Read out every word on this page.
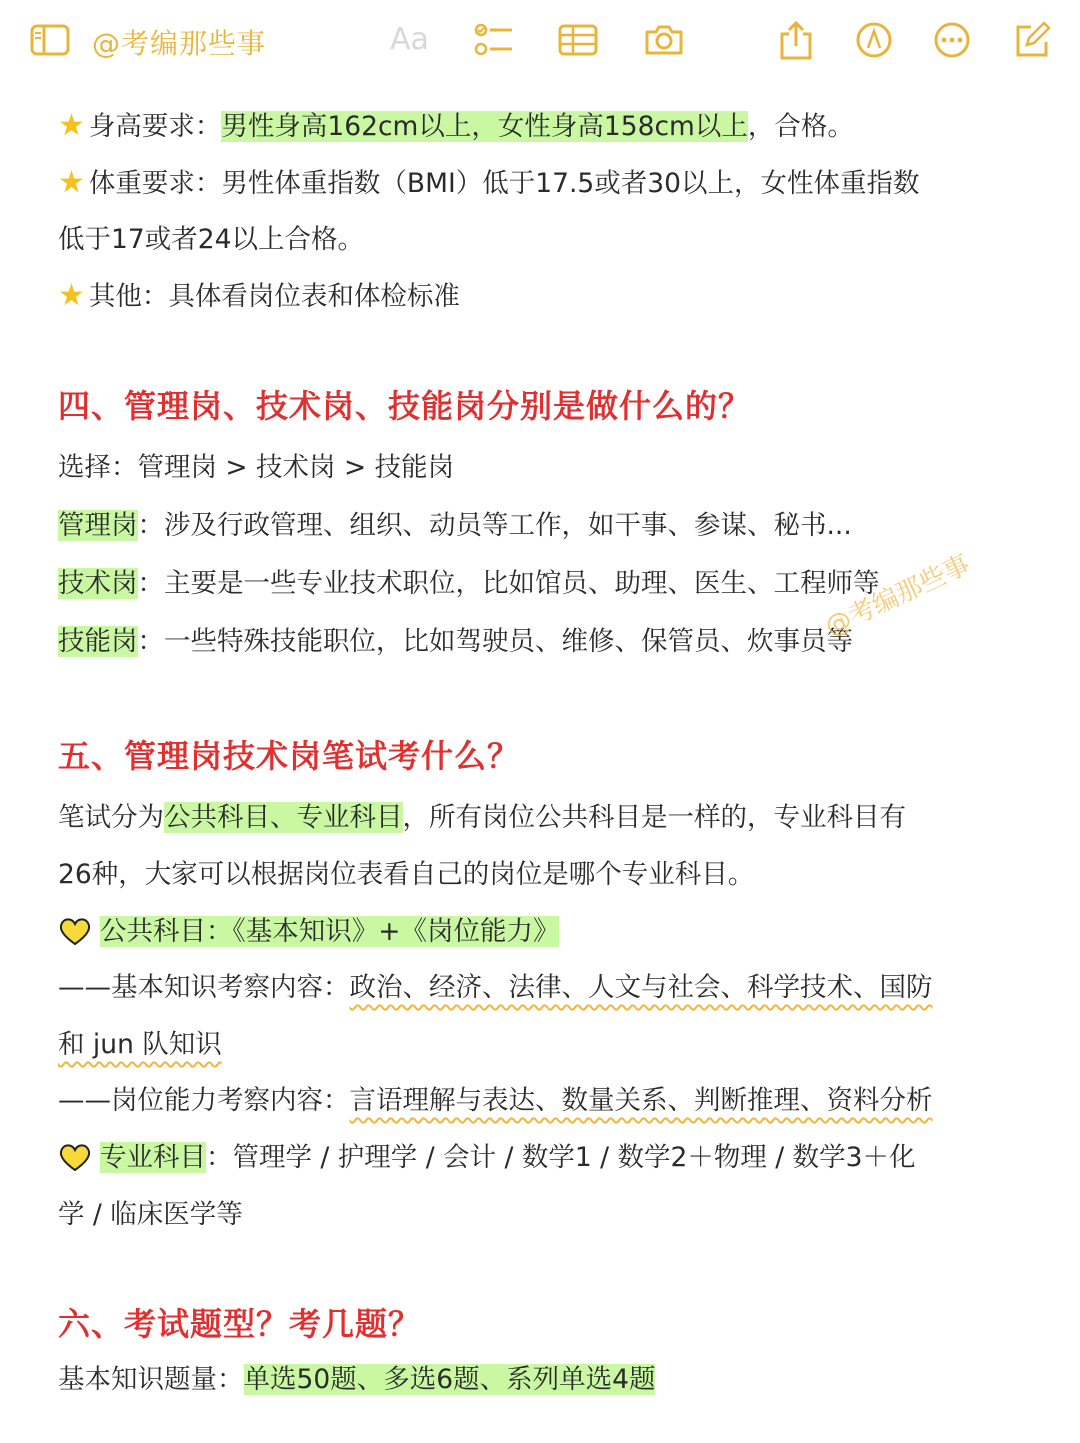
@考编那些事	Aa
★ 身高要求：男性身高162cm以上，女性身高158cm以上，合格。
★ 体重要求：男性体重指数（BMI）低于17.5或者30以上，女性体重指数
低于17或者24以上合格。
★ 其他：具体看岗位表和体检标准
四、管理岗、技术岗、技能岗分别是做什么的？
选择：管理岗 > 技术岗 > 技能岗
管理岗：涉及行政管理、组织、动员等工作，如干事、参谋、秘书...
技术岗：主要是一些专业技术职位，比如馆员、助理、医生、工程师等
技能岗：一些特殊技能职位，比如驾驶员、维修、保管员、炊事员等
五、管理岗技术岗笔试考什么？
笔试分为公共科目、专业科目，所有岗位公共科目是一样的，专业科目有
26种，大家可以根据岗位表看自己的岗位是哪个专业科目。
公共科目：《基本知识》+《岗位能力》
——基本知识考察内容：政治、经济、法律、人文与社会、科学技术、国防
和 jun 队知识
——岗位能力考察内容：言语理解与表达、数量关系、判断推理、资料分析
专业科目：管理学 / 护理学 / 会计 / 数学1 / 数学2＋物理 / 数学3＋化
学 / 临床医学等
六、考试题型？考几题？
基本知识题量：单选50题、多选6题、系列单选4题
@考编那些事
